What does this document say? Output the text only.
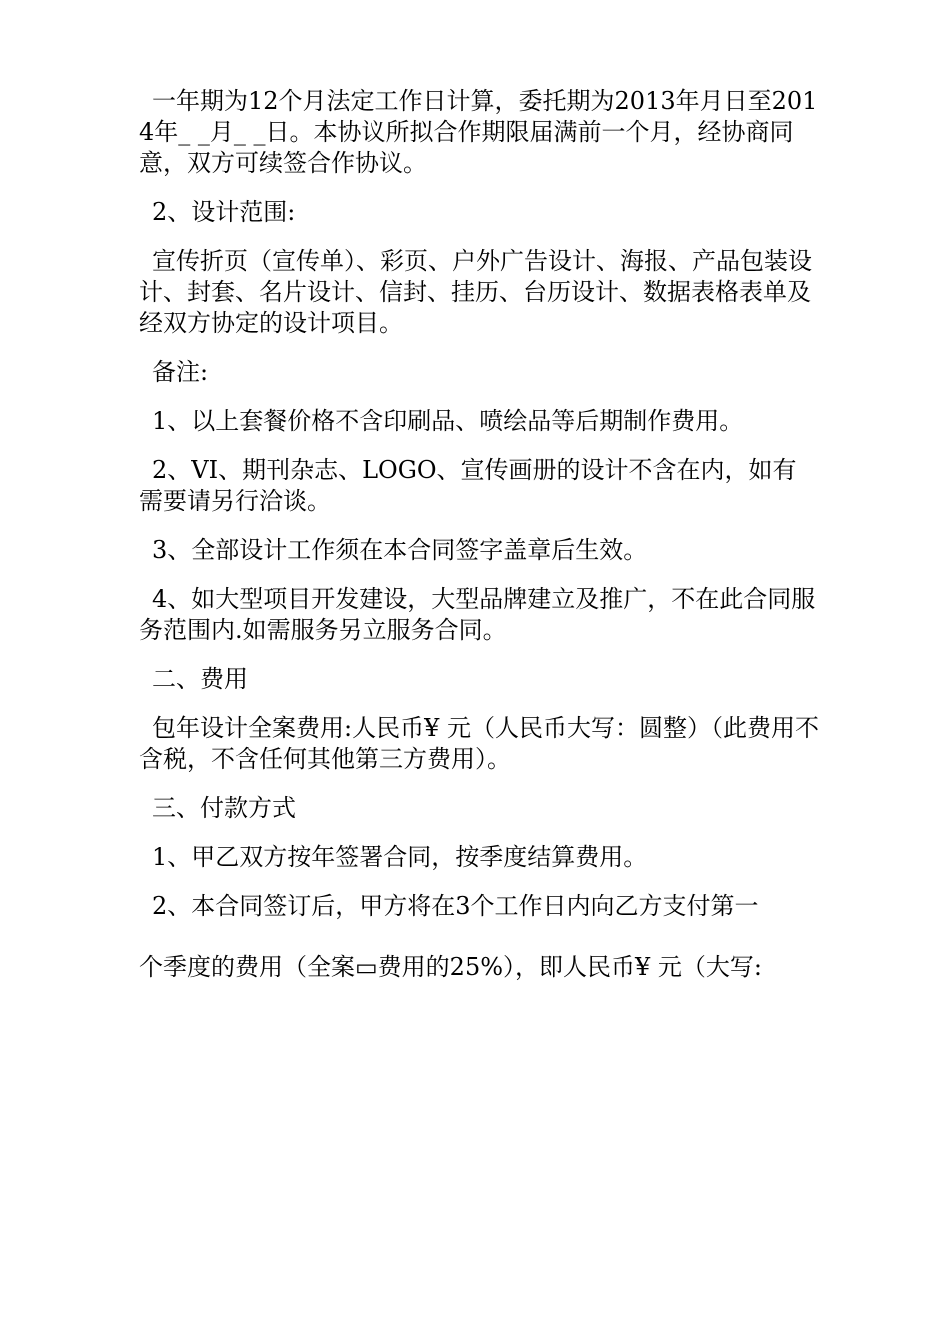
一年期为12个月法定工作日计算，委托期为2013年月日至2014年_ _月_ _日。本协议所拟合作期限届满前一个月，经协商同意，双方可续签合作协议。

2、设计范围:

宣传折页（宣传单）、彩页、户外广告设计、海报、产品包装设计、封套、名片设计、信封、挂历、台历设计、数据表格表单及经双方协定的设计项目。

备注:

1、以上套餐价格不含印刷品、喷绘品等后期制作费用。

2、VI、期刊杂志、LOGO、宣传画册的设计不含在内，如有需要请另行洽谈。

3、全部设计工作须在本合同签字盖章后生效。

4、如大型项目开发建设，大型品牌建立及推广，不在此合同服务范围内.如需服务另立服务合同。

二、费用

包年设计全案费用:人民币¥ 元（人民币大写：圆整）（此费用不含税，不含任何其他第三方费用）。

三、付款方式

1、甲乙双方按年签署合同，按季度结算费用。

2、本合同签订后，甲方将在3个工作日内向乙方支付第一

个季度的费用（全案▭费用的25%），即人民币¥ 元（大写:
